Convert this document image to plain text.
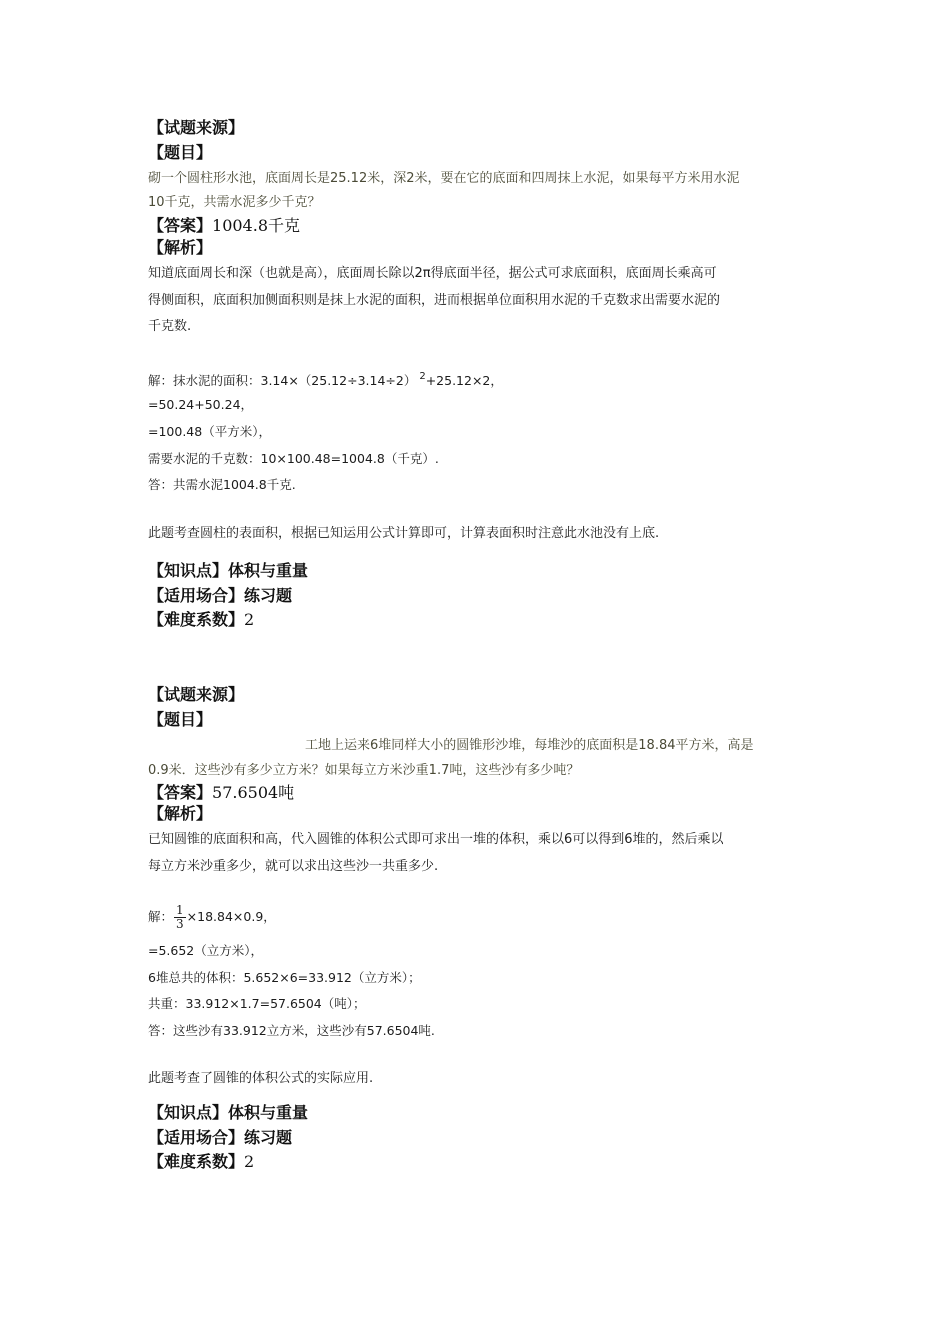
【试题来源】
【题目】
砌一个圆柱形水池，底面周长是25.12米，深2米，要在它的底面和四周抹上水泥，如果每平方米用水泥
10千克，共需水泥多少千克？
【答案】1004.8千克
【解析】
知道底面周长和深（也就是高），底面周长除以2π得底面半径，据公式可求底面积，底面周长乘高可
得侧面积，底面积加侧面积则是抹上水泥的面积，进而根据单位面积用水泥的千克数求出需要水泥的
千克数.
解：抹水泥的面积：3.14×（25.12÷3.14÷2） $^2$+25.12×2，
=50.24+50.24，
=100.48（平方米），
需要水泥的千克数：10×100.48=1004.8（千克）.
答：共需水泥1004.8千克.
此题考查圆柱的表面积，根据已知运用公式计算即可，计算表面积时注意此水池没有上底.
【知识点】体积与重量
【适用场合】练习题
【难度系数】2
【试题来源】
【题目】
工地上运来6堆同样大小的圆锥形沙堆，每堆沙的底面积是18.84平方米，高是
0.9米．这些沙有多少立方米？如果每立方米沙重1.7吨，这些沙有多少吨？
【答案】57.6504吨
【解析】
已知圆锥的底面积和高，代入圆锥的体积公式即可求出一堆的体积，乘以6可以得到6堆的，然后乘以
每立方米沙重多少，就可以求出这些沙一共重多少.
解： $\frac{1}{3} \times 18.84\times 0.9$，
=5.652（立方米），
6堆总共的体积：5.652×6=33.912（立方米）；
共重：33.912×1.7=57.6504（吨）；
答：这些沙有33.912立方米，这些沙有57.6504吨.
此题考查了圆锥的体积公式的实际应用.
【知识点】体积与重量
【适用场合】练习题
【难度系数】2
